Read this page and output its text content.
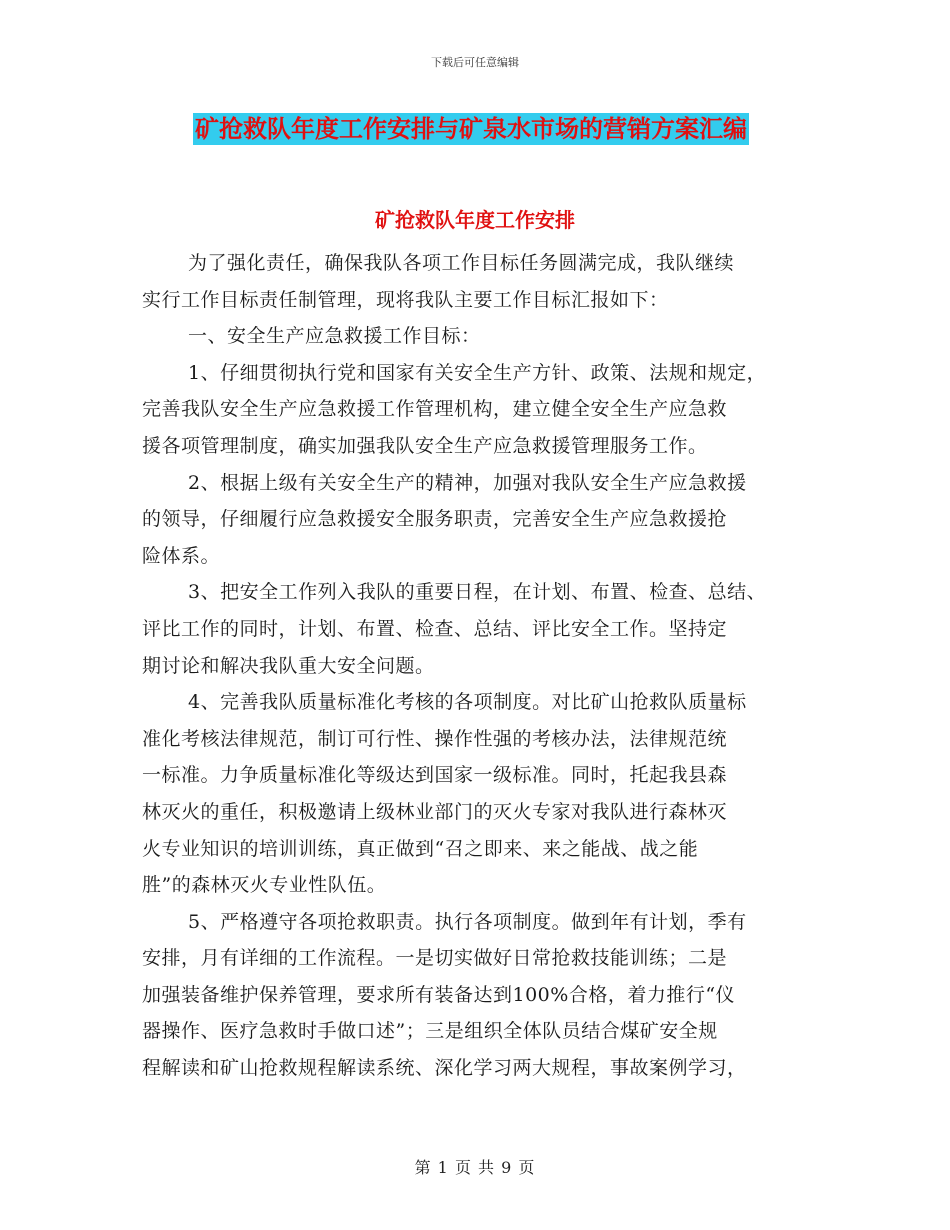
下载后可任意编辑
矿抢救队年度工作安排与矿泉水市场的营销方案汇编
矿抢救队年度工作安排
为了强化责任，确保我队各项工作目标任务圆满完成，我队继续
实行工作目标责任制管理，现将我队主要工作目标汇报如下：
一、安全生产应急救援工作目标：
1、仔细贯彻执行党和国家有关安全生产方针、政策、法规和规定，
完善我队安全生产应急救援工作管理机构，建立健全安全生产应急救
援各项管理制度，确实加强我队安全生产应急救援管理服务工作。
2、根据上级有关安全生产的精神，加强对我队安全生产应急救援
的领导，仔细履行应急救援安全服务职责，完善安全生产应急救援抢
险体系。
3、把安全工作列入我队的重要日程，在计划、布置、检查、总结、
评比工作的同时，计划、布置、检查、总结、评比安全工作。坚持定
期讨论和解决我队重大安全问题。
4、完善我队质量标准化考核的各项制度。对比矿山抢救队质量标
准化考核法律规范，制订可行性、操作性强的考核办法，法律规范统
一标准。力争质量标准化等级达到国家一级标准。同时，托起我县森
林灭火的重任，积极邀请上级林业部门的灭火专家对我队进行森林灭
火专业知识的培训训练，真正做到“召之即来、来之能战、战之能
胜”的森林灭火专业性队伍。
5、严格遵守各项抢救职责。执行各项制度。做到年有计划，季有
安排，月有详细的工作流程。一是切实做好日常抢救技能训练；二是
加强装备维护保养管理，要求所有装备达到100%合格，着力推行“仪
器操作、医疗急救时手做口述”；三是组织全体队员结合煤矿安全规
程解读和矿山抢救规程解读系统、深化学习两大规程，事故案例学习，
第 1 页 共 9 页
